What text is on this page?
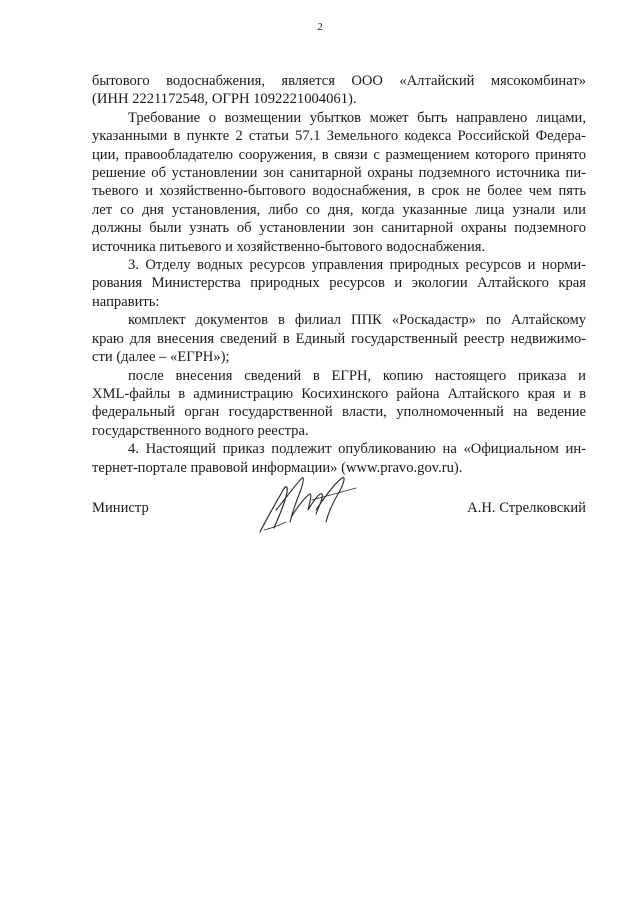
2

бытового водоснабжения, является ООО «Алтайский мясокомбинат»
(ИНН 2221172548, ОГРН 1092221004061).

Требование о возмещении убытков может быть направлено лицами,
указанными в пункте 2 статьи 57.1 Земельного кодекса Российской Федера-
ции, правообладателю сооружения, в связи с размещением которого принято
решение об установлении зон санитарной охраны подземного источника пи-
тьевого и хозяйственно-бытового водоснабжения, в срок не более чем пять
лет со дня установления, либо со дня, когда указанные лица узнали или
должны были узнать об установлении зон санитарной охраны подземного
источника питьевого и хозяйственно-бытового водоснабжения.

3. Отделу водных ресурсов управления природных ресурсов и норми-
рования Министерства природных ресурсов и экологии Алтайского края
направить:

комплект документов в филиал ППК «Роскадастр» по Алтайскому
краю для внесения сведений в Единый государственный реестр недвижимо-
сти (далее – «ЕГРН»);

после внесения сведений в ЕГРН, копию настоящего приказа и
XML-файлы в администрацию Косихинского района Алтайского края и в
федеральный орган государственной власти, уполномоченный на ведение
государственного водного реестра.

4. Настоящий приказ подлежит опубликованию на «Официальном ин-
тернет-портале правовой информации» (www.pravo.gov.ru).

Министр	А.Н. Стрелковский
